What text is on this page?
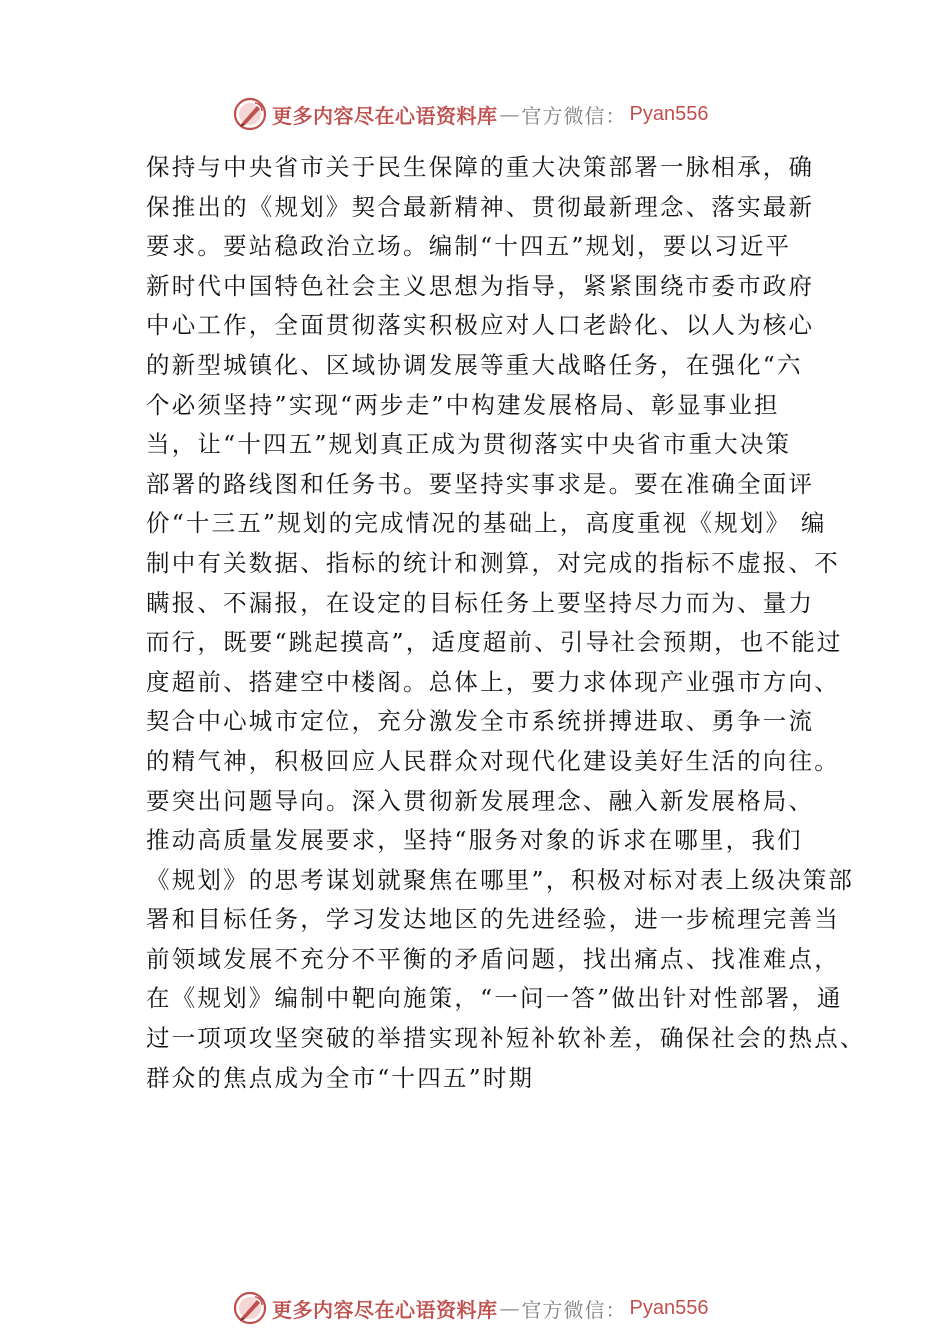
更多内容尽在心语资料库 — 官方微信 ： Pyan556
保持与中央省市关于民生保障的重大决策部署一脉相承，确
保推出的《规划》契合最新精神、贯彻最新理念、落实最新
要求。要站稳政治立场。编制“十四五”规划，要以习近平
新时代中国特色社会主义思想为指导，紧紧围绕市委市政府
中心工作，全面贯彻落实积极应对人口老龄化、以人为核心
的新型城镇化、区域协调发展等重大战略任务，在强化“六
个必须坚持”实现“两步走”中构建发展格局、彰显事业担
当，让“十四五”规划真正成为贯彻落实中央省市重大决策
部署的路线图和任务书。要坚持实事求是。要在准确全面评
价“十三五”规划的完成情况的基础上，高度重视《规划》 编
制中有关数据、指标的统计和测算，对完成的指标不虚报、不
瞒报、不漏报，在设定的目标任务上要坚持尽力而为、量力
而行，既要“跳起摸高”，适度超前、引导社会预期，也不能过
度超前、搭建空中楼阁。总体上，要力求体现产业强市方向、
契合中心城市定位，充分激发全市系统拼搏进取、勇争一流
的精气神，积极回应人民群众对现代化建设美好生活的向往。
要突出问题导向。深入贯彻新发展理念、融入新发展格局、
推动高质量发展要求，坚持“服务对象的诉求在哪里，我们
《规划》的思考谋划就聚焦在哪里”，积极对标对表上级决策部
署和目标任务，学习发达地区的先进经验，进一步梳理完善当
前领域发展不充分不平衡的矛盾问题，找出痛点、找准难点，
在《规划》编制中靶向施策，“一问一答”做出针对性部署，通
过一项项攻坚突破的举措实现补短补软补差，确保社会的热点、
群众的焦点成为全市“十四五”时期
更多内容尽在心语资料库 — 官方微信 ： Pyan556
